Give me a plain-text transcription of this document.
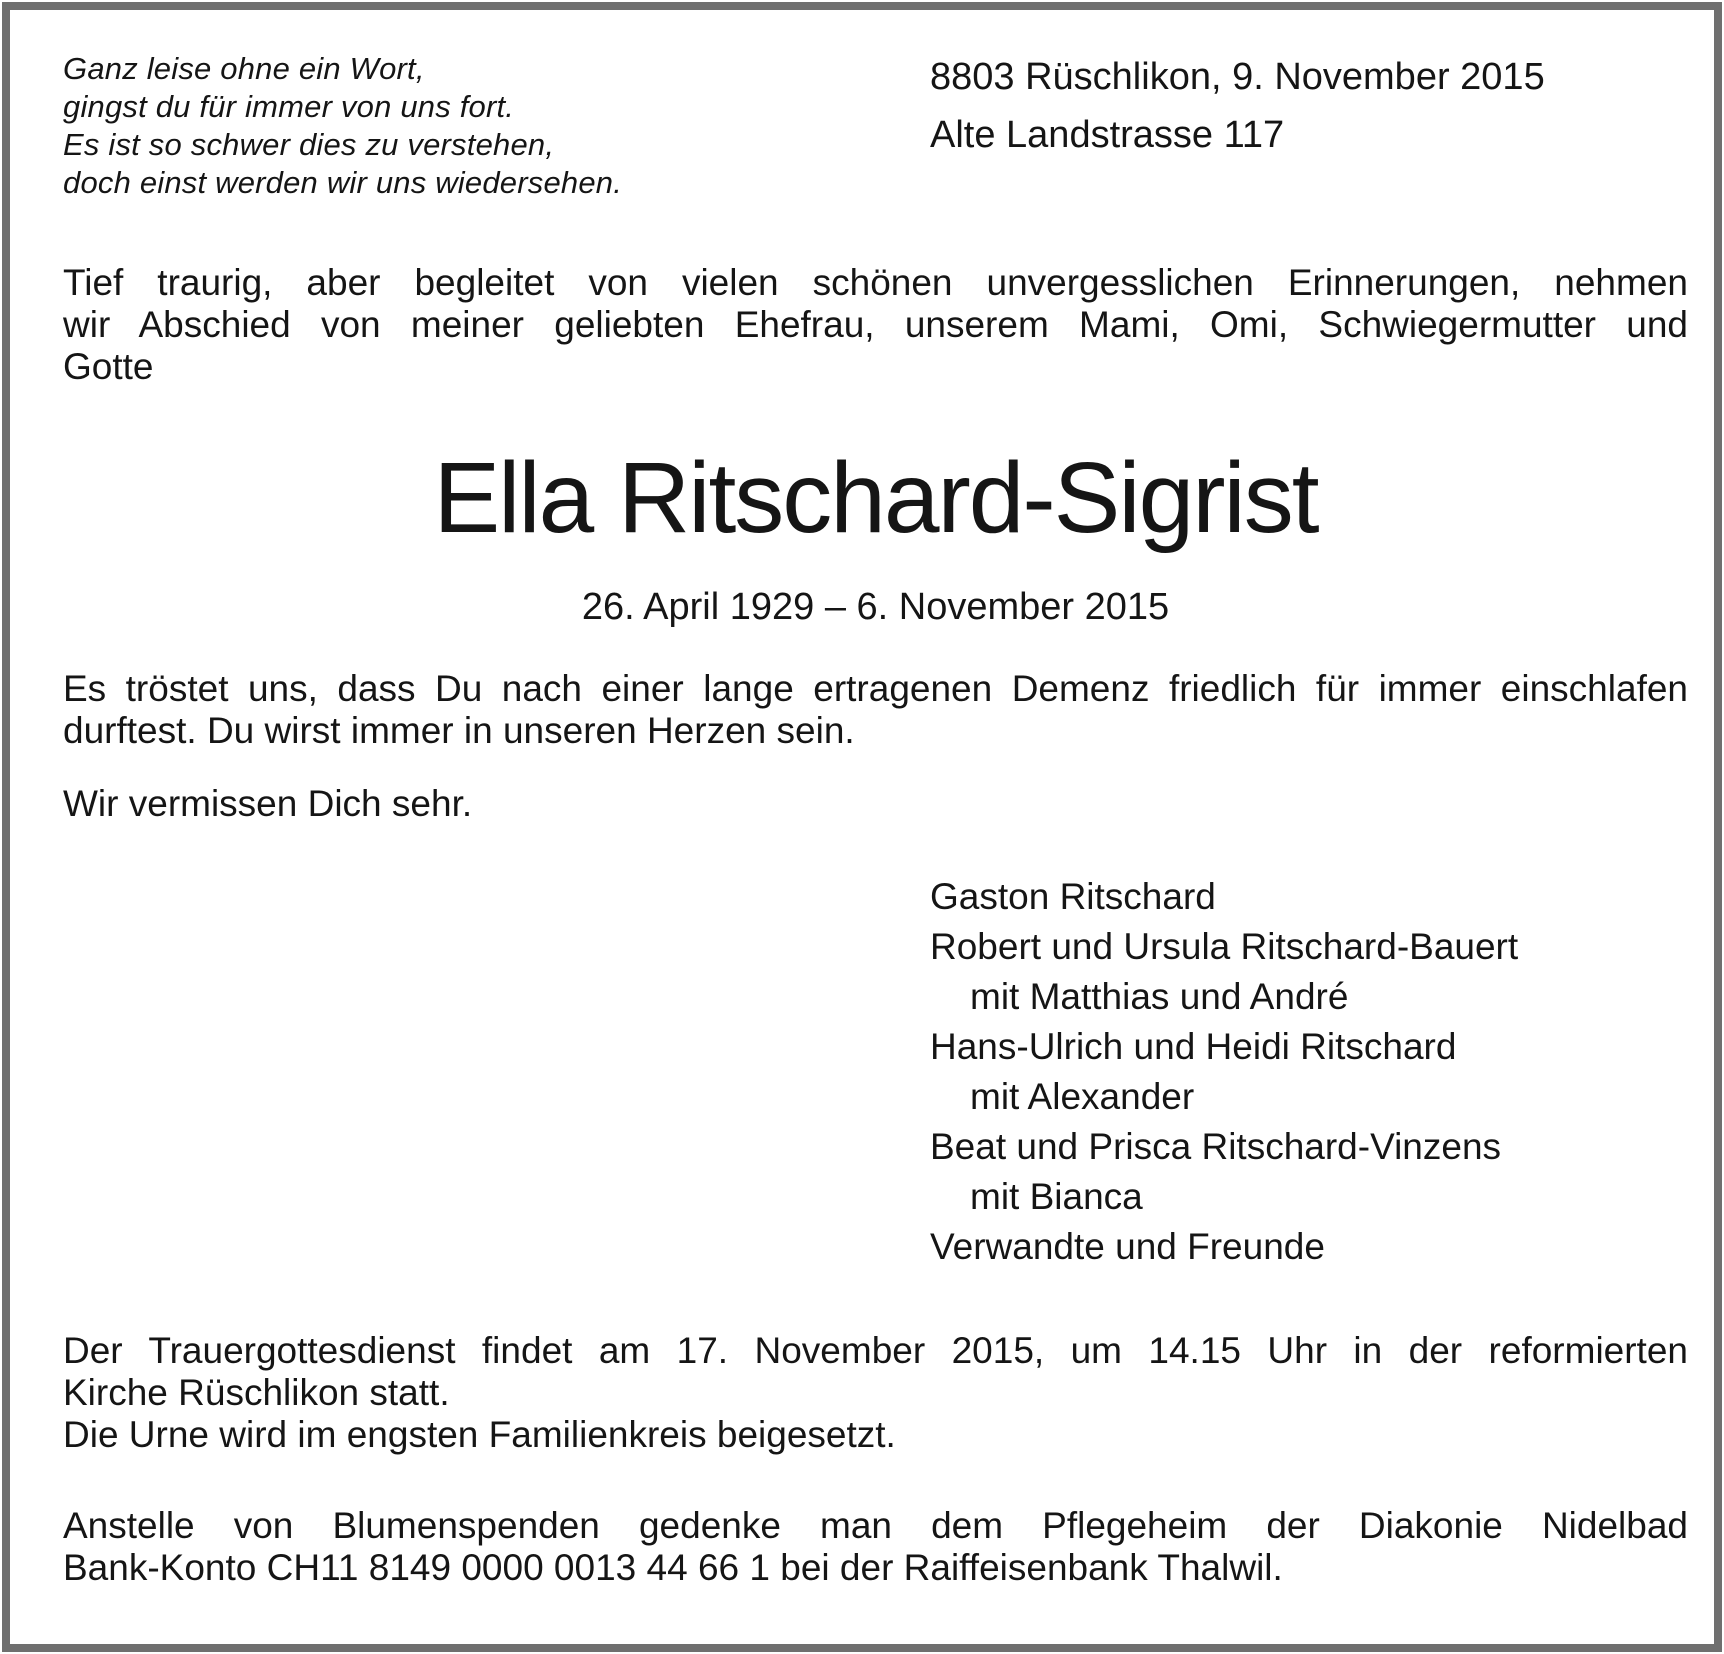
Ganz leise ohne ein Wort,
gingst du für immer von uns fort.
Es ist so schwer dies zu verstehen,
doch einst werden wir uns wiedersehen.
8803 Rüschlikon, 9. November 2015
Alte Landstrasse 117
Tief traurig, aber begleitet von vielen schönen unvergesslichen Erinnerungen, nehmen
wir Abschied von meiner geliebten Ehefrau, unserem Mami, Omi, Schwiegermutter und
Gotte
Ella Ritschard-Sigrist
26. April 1929 – 6. November 2015
Es tröstet uns, dass Du nach einer lange ertragenen Demenz friedlich für immer einschlafen
durftest. Du wirst immer in unseren Herzen sein.
Wir vermissen Dich sehr.
Gaston Ritschard
Robert und Ursula Ritschard-Bauert
mit Matthias und André
Hans-Ulrich und Heidi Ritschard
mit Alexander
Beat und Prisca Ritschard-Vinzens
mit Bianca
Verwandte und Freunde
Der Trauergottesdienst findet am 17. November 2015, um 14.15 Uhr in der reformierten
Kirche Rüschlikon statt.
Die Urne wird im engsten Familienkreis beigesetzt.
Anstelle von Blumenspenden gedenke man dem Pflegeheim der Diakonie Nidelbad
Bank-Konto CH11 8149 0000 0013 44 66 1 bei der Raiffeisenbank Thalwil.
